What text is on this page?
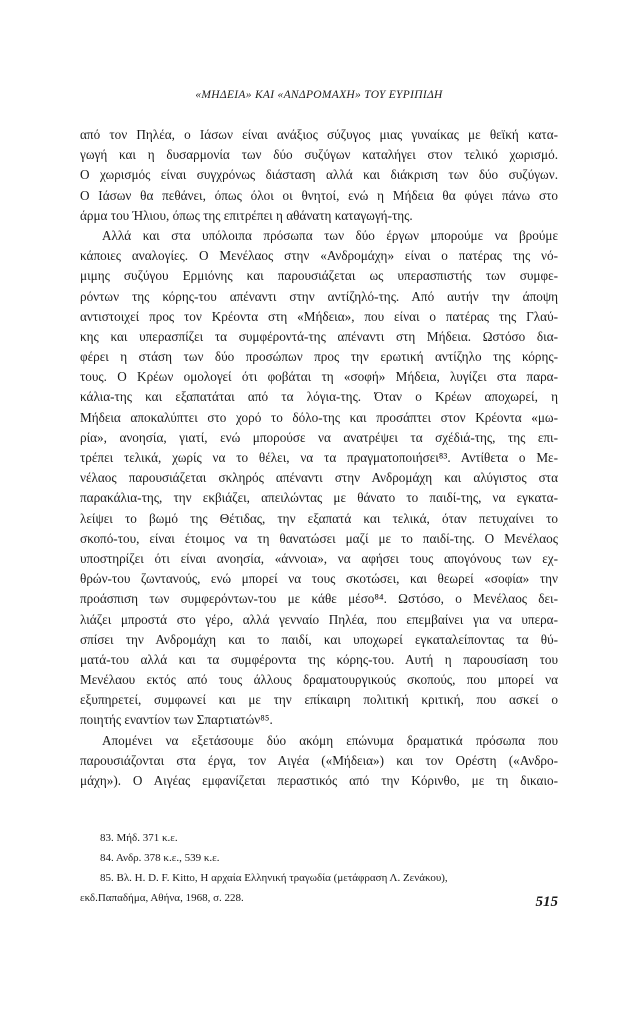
«ΜΗΔΕΙΑ» ΚΑΙ «ΑΝΔΡΟΜΑΧΗ» ΤΟΥ ΕΥΡΙΠΙΔΗ
από τον Πηλέα, ο Ιάσων είναι ανάξιος σύζυγος μιας γυναίκας με θεϊκή κατα-
γωγή και η δυσαρμονία των δύο συζύγων καταλήγει στον τελικό χωρισμό.
Ο χωρισμός είναι συγχρόνως διάσταση αλλά και διάκριση των δύο συζύγων.
Ο Ιάσων θα πεθάνει, όπως όλοι οι θνητοί, ενώ η Μήδεια θα φύγει πάνω στο
άρμα του Ήλιου, όπως της επιτρέπει η αθάνατη καταγωγή-της.
Αλλά και στα υπόλοιπα πρόσωπα των δύο έργων μπορούμε να βρούμε
κάποιες αναλογίες. Ο Μενέλαος στην «Ανδρομάχη» είναι ο πατέρας της νό-
μιμης συζύγου Ερμιόνης και παρουσιάζεται ως υπερασπιστής των συμφε-
ρόντων της κόρης-του απέναντι στην αντίζηλό-της. Από αυτήν την άποψη
αντιστοιχεί προς τον Κρέοντα στη «Μήδεια», που είναι ο πατέρας της Γλαύ-
κης και υπερασπίζει τα συμφέροντά-της απέναντι στη Μήδεια. Ωστόσο δια-
φέρει η στάση των δύο προσώπων προς την ερωτική αντίζηλο της κόρης-
τους. Ο Κρέων ομολογεί ότι φοβάται τη «σοφή» Μήδεια, λυγίζει στα παρα-
κάλια-της και εξαπατάται από τα λόγια-της. Όταν ο Κρέων αποχωρεί, η
Μήδεια αποκαλύπτει στο χορό το δόλο-της και προσάπτει στον Κρέοντα «μω-
ρία», ανοησία, γιατί, ενώ μπορούσε να ανατρέψει τα σχέδιά-της, της επι-
τρέπει τελικά, χωρίς να το θέλει, να τα πραγματοποιήσει⁸³. Αντίθετα ο Με-
νέλαος παρουσιάζεται σκληρός απέναντι στην Ανδρομάχη και αλύγιστος στα
παρακάλια-της, την εκβιάζει, απειλώντας με θάνατο το παιδί-της, να εγκατα-
λείψει το βωμό της Θέτιδας, την εξαπατά και τελικά, όταν πετυχαίνει το
σκοπό-του, είναι έτοιμος να τη θανατώσει μαζί με το παιδί-της. Ο Μενέλαος
υποστηρίζει ότι είναι ανοησία, «άννοια», να αφήσει τους απογόνους των εχ-
θρών-του ζωντανούς, ενώ μπορεί να τους σκοτώσει, και θεωρεί «σοφία» την
προάσπιση των συμφερόντων-του με κάθε μέσο⁸⁴. Ωστόσο, ο Μενέλαος δει-
λιάζει μπροστά στο γέρο, αλλά γενναίο Πηλέα, που επεμβαίνει για να υπερα-
σπίσει την Ανδρομάχη και το παιδί, και υποχωρεί εγκαταλείποντας τα θύ-
ματά-του αλλά και τα συμφέροντα της κόρης-του. Αυτή η παρουσίαση του
Μενέλαου εκτός από τους άλλους δραματουργικούς σκοπούς, που μπορεί να
εξυπηρετεί, συμφωνεί και με την επίκαιρη πολιτική κριτική, που ασκεί ο
ποιητής εναντίον των Σπαρτιατών⁸⁵.
Απομένει να εξετάσουμε δύο ακόμη επώνυμα δραματικά πρόσωπα που
παρουσιάζονται στα έργα, τον Αιγέα («Μήδεια») και τον Ορέστη («Ανδρο-
μάχη»). Ο Αιγέας εμφανίζεται περαστικός από την Κόρινθο, με τη δικαιο-
83. Μήδ. 371 κ.ε.
84. Ανδρ. 378 κ.ε., 539 κ.ε.
85. Βλ. H. D. F. Kitto, Η αρχαία Ελληνική τραγωδία (μετάφραση Λ. Ζενάκου),
εκδ.Παπαδήμα, Αθήνα, 1968, σ. 228.	515
